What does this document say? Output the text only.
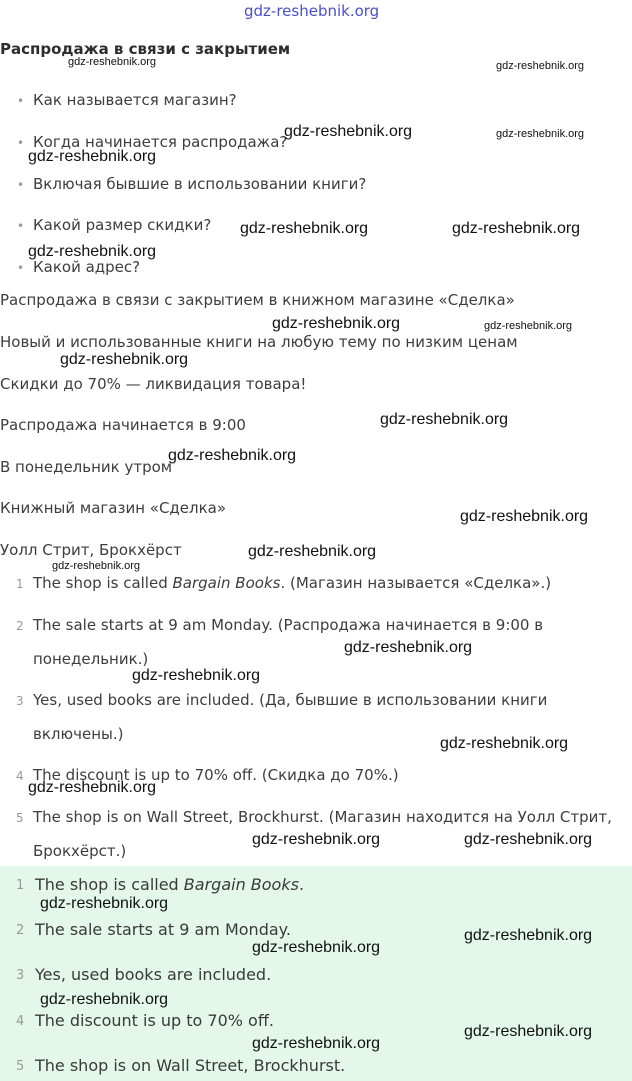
gdz-reshebnik.org
Распродажа в связи с закрытием
• Как называется магазин?
• Когда начинается распродажа?
• Включая бывшие в использовании книги?
• Какой размер скидки?
• Какой адрес?
Распродажа в связи с закрытием в книжном магазине «Сделка»
Новый и использованные книги на любую тему по низким ценам
Скидки до 70% — ликвидация товара!
Распродажа начинается в 9:00
В понедельник утром
Книжный магазин «Сделка»
Уолл Стрит, Брокхёрст
1 The shop is called Bargain Books. (Магазин называется «Сделка».)
2 The sale starts at 9 am Monday. (Распродажа начинается в 9:00 в
понедельник.)
3 Yes, used books are included. (Да, бывшие в использовании книги
включены.)
4 The discount is up to 70% off. (Скидка до 70%.)
5 The shop is on Wall Street, Brockhurst. (Магазин находится на Уолл Стрит,
Брокхёрст.)
1 The shop is called Bargain Books.
2 The sale starts at 9 am Monday.
3 Yes, used books are included.
4 The discount is up to 70% off.
5 The shop is on Wall Street, Brockhurst.
gdz-reshebnik.org	gdz-reshebnik.org
gdz-reshebnik.org	gdz-reshebnik.org
gdz-reshebnik.org
gdz-reshebnik.org	gdz-reshebnik.org
gdz-reshebnik.org
gdz-reshebnik.org	gdz-reshebnik.org
gdz-reshebnik.org
gdz-reshebnik.org
gdz-reshebnik.org
gdz-reshebnik.org
gdz-reshebnik.org
gdz-reshebnik.org
gdz-reshebnik.org
gdz-reshebnik.org
gdz-reshebnik.org
gdz-reshebnik.org
gdz-reshebnik.org	gdz-reshebnik.org
gdz-reshebnik.org
gdz-reshebnik.org
gdz-reshebnik.org
gdz-reshebnik.org
gdz-reshebnik.org
gdz-reshebnik.org
